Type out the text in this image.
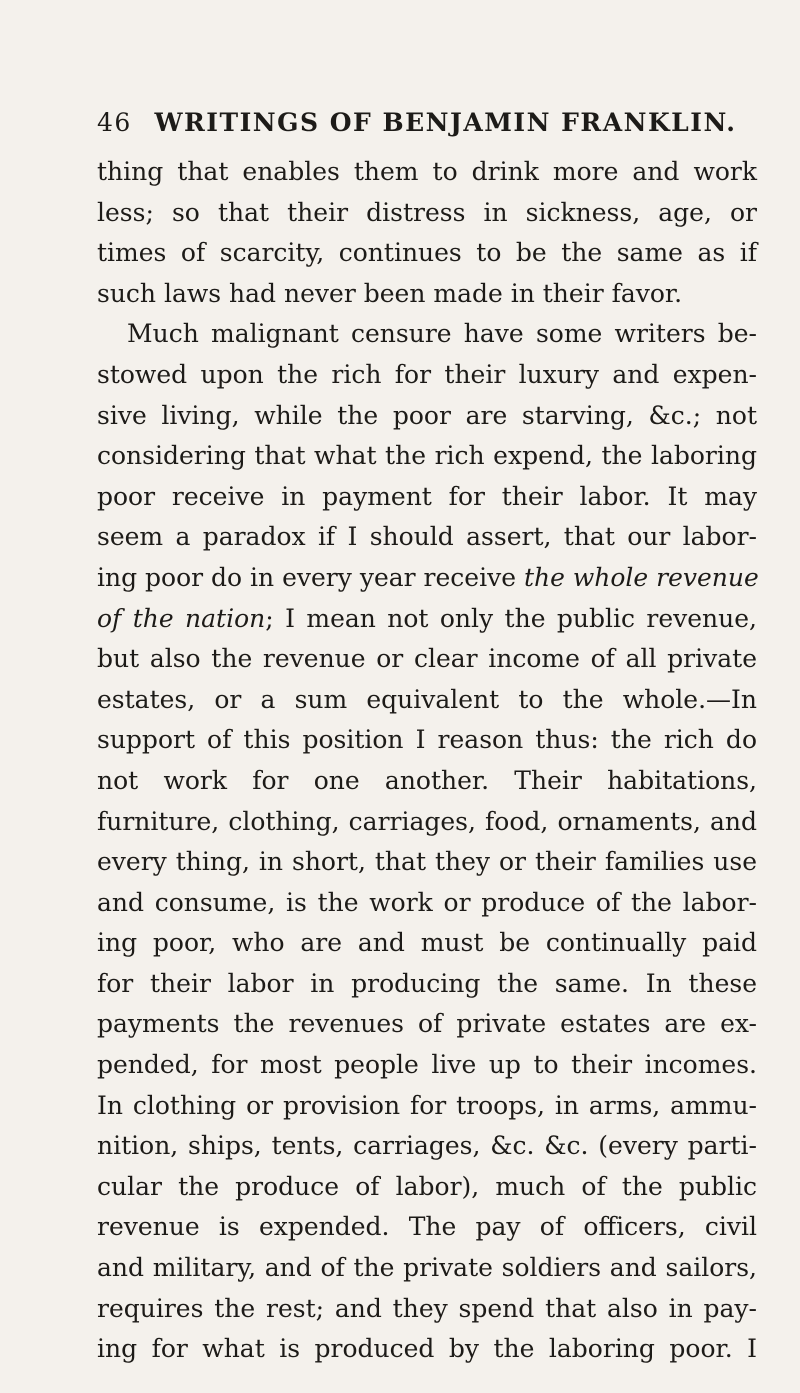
46 WRITINGS OF BENJAMIN FRANKLIN.
thing that enables them to drink more and work
less; so that their distress in sickness, age, or
times of scarcity, continues to be the same as if
such laws had never been made in their favor.
Much malignant censure have some writers be-
stowed upon the rich for their luxury and expen-
sive living, while the poor are starving, &c.; not
considering that what the rich expend, the laboring
poor receive in payment for their labor. It may
seem a paradox if I should assert, that our labor-
ing poor do in every year receive the whole revenue
of the nation; I mean not only the public revenue,
but also the revenue or clear income of all private
estates, or a sum equivalent to the whole.—In
support of this position I reason thus: the rich do
not work for one another. Their habitations,
furniture, clothing, carriages, food, ornaments, and
every thing, in short, that they or their families use
and consume, is the work or produce of the labor-
ing poor, who are and must be continually paid
for their labor in producing the same. In these
payments the revenues of private estates are ex-
pended, for most people live up to their incomes.
In clothing or provision for troops, in arms, ammu-
nition, ships, tents, carriages, &c. &c. (every parti-
cular the produce of labor), much of the public
revenue is expended. The pay of officers, civil
and military, and of the private soldiers and sailors,
requires the rest; and they spend that also in pay-
ing for what is produced by the laboring poor. I
